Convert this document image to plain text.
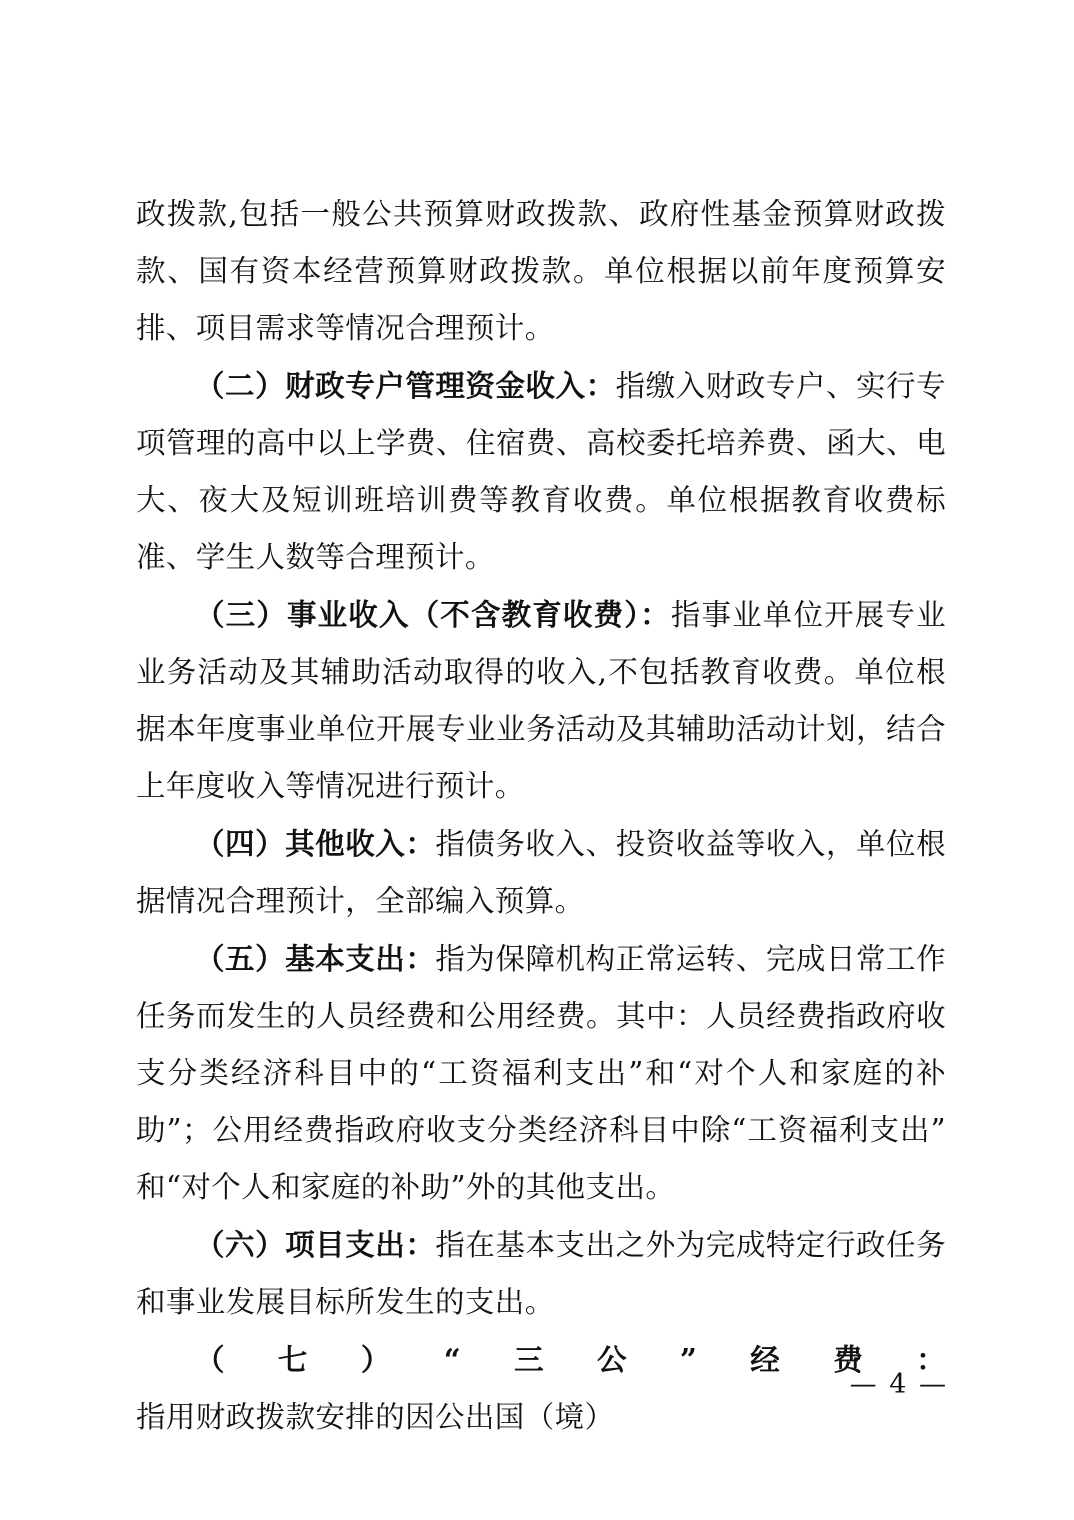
政拨款,包括一般公共预算财政拨款、政府性基金预算财政拨款、国有资本经营预算财政拨款。单位根据以前年度预算安排、项目需求等情况合理预计。

（二）财政专户管理资金收入：指缴入财政专户、实行专项管理的高中以上学费、住宿费、高校委托培养费、函大、电大、夜大及短训班培训费等教育收费。单位根据教育收费标准、学生人数等合理预计。

（三）事业收入（不含教育收费）：指事业单位开展专业业务活动及其辅助活动取得的收入,不包括教育收费。单位根据本年度事业单位开展专业业务活动及其辅助活动计划，结合上年度收入等情况进行预计。

（四）其他收入：指债务收入、投资收益等收入，单位根据情况合理预计，全部编入预算。

（五）基本支出：指为保障机构正常运转、完成日常工作任务而发生的人员经费和公用经费。其中：人员经费指政府收支分类经济科目中的“工资福利支出”和“对个人和家庭的补助”；公用经费指政府收支分类经济科目中除“工资福利支出”和“对个人和家庭的补助”外的其他支出。

（六）项目支出：指在基本支出之外为完成特定行政任务和事业发展目标所发生的支出。

（七）“三公”经费：指用财政拨款安排的因公出国（境）

— 4 —
